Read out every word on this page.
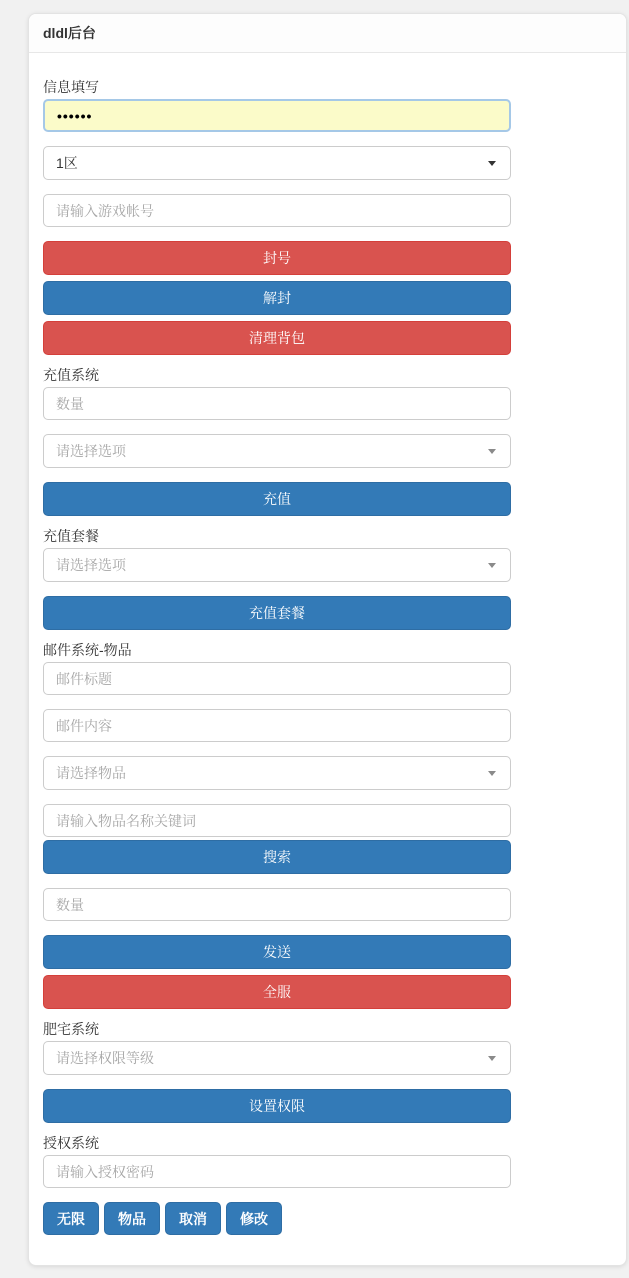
dldl后台
信息填写
••••••
1区
请输入游戏帐号
封号
解封
清理背包
充值系统
数量
请选择选项
充值
充值套餐
请选择选项
充值套餐
邮件系统-物品
邮件标题
邮件内容
请选择物品
请输入物品名称关键词
搜索
数量
发送
全服
肥宅系统
请选择权限等级
设置权限
授权系统
请输入授权密码
无限	物品	取消	修改
